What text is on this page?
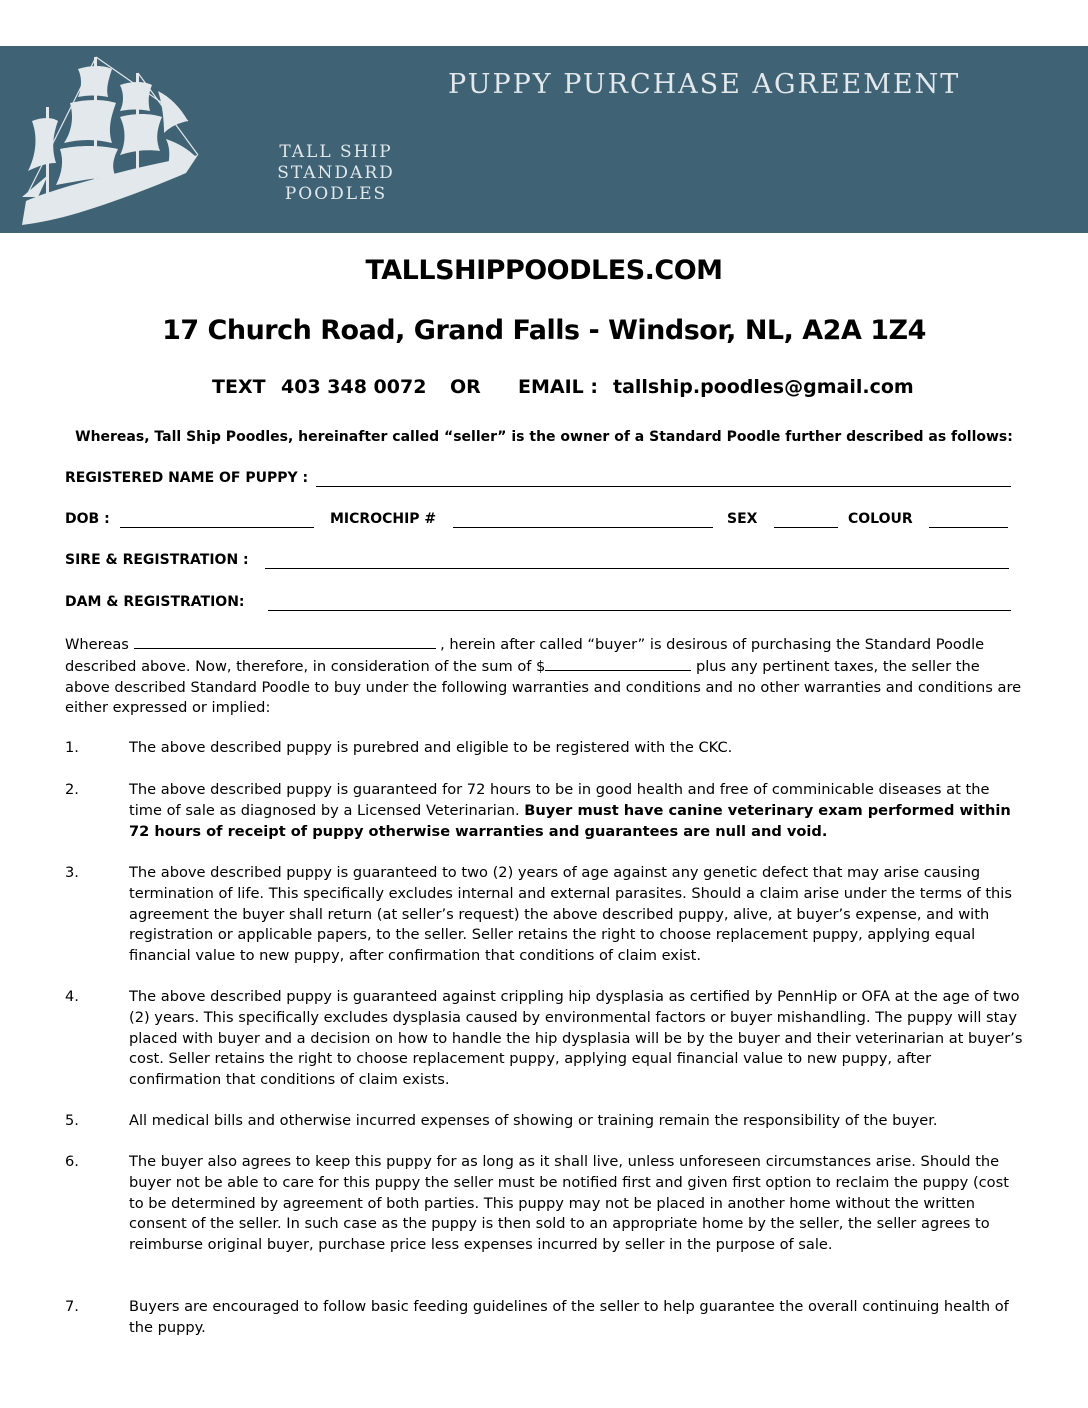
PUPPY PURCHASE AGREEMENT
TALL SHIP
STANDARD
POODLES
TALLSHIPPOODLES.COM
17 Church Road, Grand Falls - Windsor, NL, A2A 1Z4
TEXT 403 348 0072 OR EMAIL : tallship.poodles@gmail.com
Whereas, Tall Ship Poodles, hereinafter called “seller” is the owner of a Standard Poodle further described as follows:
REGISTERED NAME OF PUPPY :
DOB :	MICROCHIP #	SEX	COLOUR
SIRE & REGISTRATION :
DAM & REGISTRATION:

Whereas	, herein after called “buyer” is desirous of purchasing the Standard Poodle described above. Now, therefore, in consideration of the sum of $	plus any pertinent taxes, the seller the above described Standard Poodle to buy under the following warranties and conditions and no other warranties and conditions are either expressed or implied:

1.	The above described puppy is purebred and eligible to be registered with the CKC.
2.	The above described puppy is guaranteed for 72 hours to be in good health and free of comminicable diseases at the time of sale as diagnosed by a Licensed Veterinarian. Buyer must have canine veterinary exam performed within 72 hours of receipt of puppy otherwise warranties and guarantees are null and void.
3.	The above described puppy is guaranteed to two (2) years of age against any genetic defect that may arise causing termination of life. This specifically excludes internal and external parasites. Should a claim arise under the terms of this agreement the buyer shall return (at seller’s request) the above described puppy, alive, at buyer’s expense, and with registration or applicable papers, to the seller. Seller retains the right to choose replacement puppy, applying equal financial value to new puppy, after confirmation that conditions of claim exist.
4.	The above described puppy is guaranteed against crippling hip dysplasia as certified by PennHip or OFA at the age of two (2) years. This specifically excludes dysplasia caused by environmental factors or buyer mishandling. The puppy will stay placed with buyer and a decision on how to handle the hip dysplasia will be by the buyer and their veterinarian at buyer’s cost. Seller retains the right to choose replacement puppy, applying equal financial value to new puppy, after confirmation that conditions of claim exists.
5.	All medical bills and otherwise incurred expenses of showing or training remain the responsibility of the buyer.
6.	The buyer also agrees to keep this puppy for as long as it shall live, unless unforeseen circumstances arise. Should the buyer not be able to care for this puppy the seller must be notified first and given first option to reclaim the puppy (cost to be determined by agreement of both parties. This puppy may not be placed in another home without the written consent of the seller. In such case as the puppy is then sold to an appropriate home by the seller, the seller agrees to reimburse original buyer, purchase price less expenses incurred by seller in the purpose of sale.
7.	Buyers are encouraged to follow basic feeding guidelines of the seller to help guarantee the overall continuing health of the puppy.
